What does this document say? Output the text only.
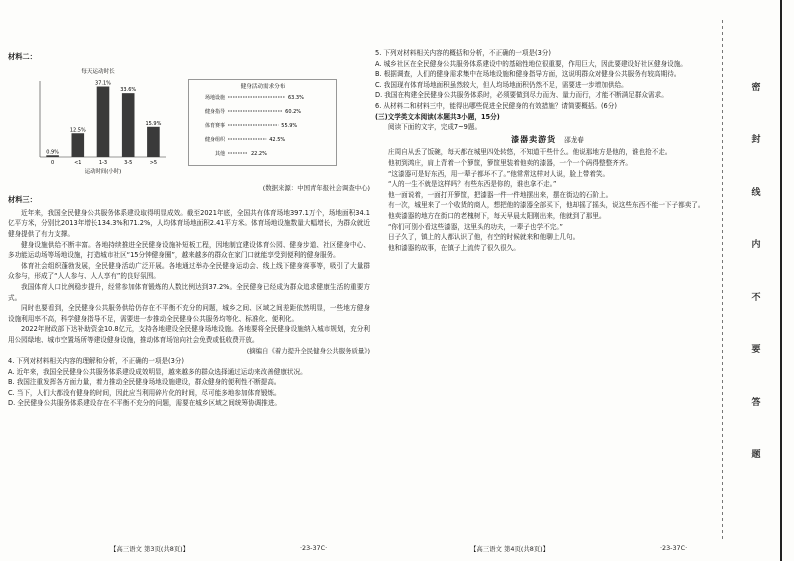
材料二：
每天运动时长
0.9%
0
12.5%
<1
37.1%
1-3
33.6%
3-5
15.9%
>5
运动时间(小时)
健身活动需求分布
场地设施	63.3%
健身指导	60.2%
体育赛事	55.9%
健身组织	42.5%
其他	22.2%
(数据来源：中国青年报社会调查中心)
材料三：

近年来，我国全民健身公共服务体系建设取得明显成效。截至2021年底，全国共有体育场地397.1万个，场地面积34.1亿平方米，分别比2013年增长134.3%和71.2%，人均体育场地面积2.41平方米。体育场地设施数量大幅增长，为群众就近健身提供了有力支撑。

健身设施供给不断丰富。各地持续推进全民健身设施补短板工程，因地制宜建设体育公园、健身步道、社区健身中心、多功能运动场等场地设施，打造城市社区“15分钟健身圈”，越来越多的群众在家门口就能享受到便利的健身服务。

体育社会组织蓬勃发展，全民健身活动广泛开展。各地通过举办全民健身运动会、线上线下健身赛事等，吸引了大量群众参与，形成了“人人参与、人人享有”的良好氛围。

我国体育人口比例稳步提升，经常参加体育锻炼的人数比例达到37.2%。全民健身已经成为群众追求健康生活的重要方式。

同时也要看到，全民健身公共服务供给仍存在不平衡不充分的问题，城乡之间、区域之间差距依然明显，一些地方健身设施利用率不高，科学健身指导不足，需要进一步推动全民健身公共服务均等化、标准化、便利化。

2022年财政部下达补助资金10.8亿元，支持各地建设全民健身场地设施。各地要将全民健身设施纳入城市规划，充分利用公园绿地、城市空置场所等建设健身设施，推动体育场馆向社会免费或低收费开放。

(摘编自《着力提升全民健身公共服务质量》)

4. 下列对材料相关内容的理解和分析，不正确的一项是(3分)

A. 近年来，我国全民健身公共服务体系建设成效明显，越来越多的群众选择通过运动来改善健康状况。

B. 我国注重发挥各方面力量，着力推动全民健身场地设施建设，群众健身的便利性不断提高。

C. 当下，人们大都没有健身的时间，因此应当利用碎片化的时间，尽可能多地参加体育锻炼。

D. 全民健身公共服务体系建设存在不平衡不充分的问题，需要在城乡区域之间统筹协调推进。

【高三语文 第3页(共8页)】	·23-37C·

5. 下列对材料相关内容的概括和分析，不正确的一项是(3分)

A. 城乡社区在全民健身公共服务体系建设中的基础性地位很重要，作用巨大，因此要建设好社区健身设施。

B. 根据调查，人们的健身需求集中在场地设施和健身指导方面，这说明群众对健身公共服务有较高期待。

C. 我国现有体育场地面积虽然较大，但人均场地面积仍然不足，需要进一步增加供给。

D. 我国在构建全民健身公共服务体系时，必须要做到尽力而为、量力而行，才能不断满足群众需求。

6. 从材料二和材料三中，能得出哪些促进全民健身的有效措施？请简要概括。(6分)

(三)文学类文本阅读(本题共3小题，15分)

阅读下面的文字，完成7~9题。

漆器卖游货 邵龙春

庄周自从丢了饭碗，每天都在城里四处转悠，不知道干些什么。他说那地方是他的，谁也抢不走。

他初到鸿庄，肩上背着一个箩筐，箩筐里装着他卖的漆器，一个一个码得整整齐齐。

“这漆器可是好东西，用一辈子都坏不了。”他常常这样对人说，脸上带着笑。

“人的一生不就是这样吗？有些东西是你的，谁也拿不走。”

他一面说着，一面打开箩筐，把漆器一件一件地摆出来，摆在街边的石阶上。

有一次，城里来了一个收货的商人，想把他的漆器全部买下，他却摇了摇头，说这些东西不能一下子都卖了。

他卖漆器的地方在街口的老槐树下，每天早晨太阳刚出来，他就到了那里。

“你们可别小看这些漆器，这里头的功夫，一辈子也学不完。”

日子久了，镇上的人都认识了他，有空的时候就来和他聊上几句。

他和漆器的故事，在镇子上流传了很久很久。

【高三语文 第4页(共8页)】	·23-37C·
密
封
线
内
不
要
答
题
